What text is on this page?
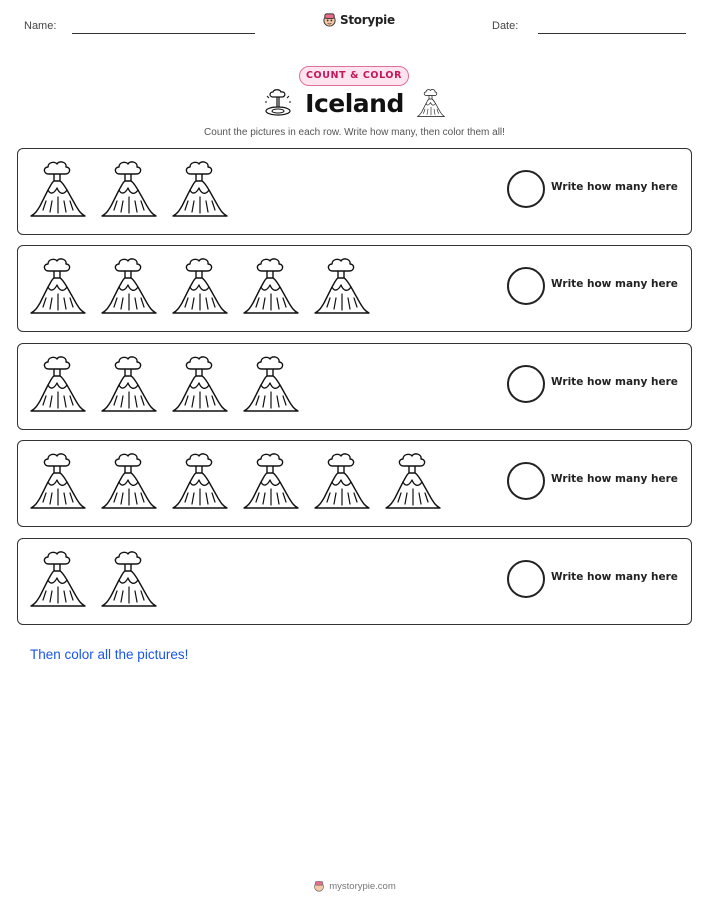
Name:	Storypie	Date:
COUNT & COLOR
Iceland
Count the pictures in each row. Write how many, then color them all!
Write how many here
Write how many here
Write how many here
Write how many here
Write how many here
Then color all the pictures!
mystorypie.com
